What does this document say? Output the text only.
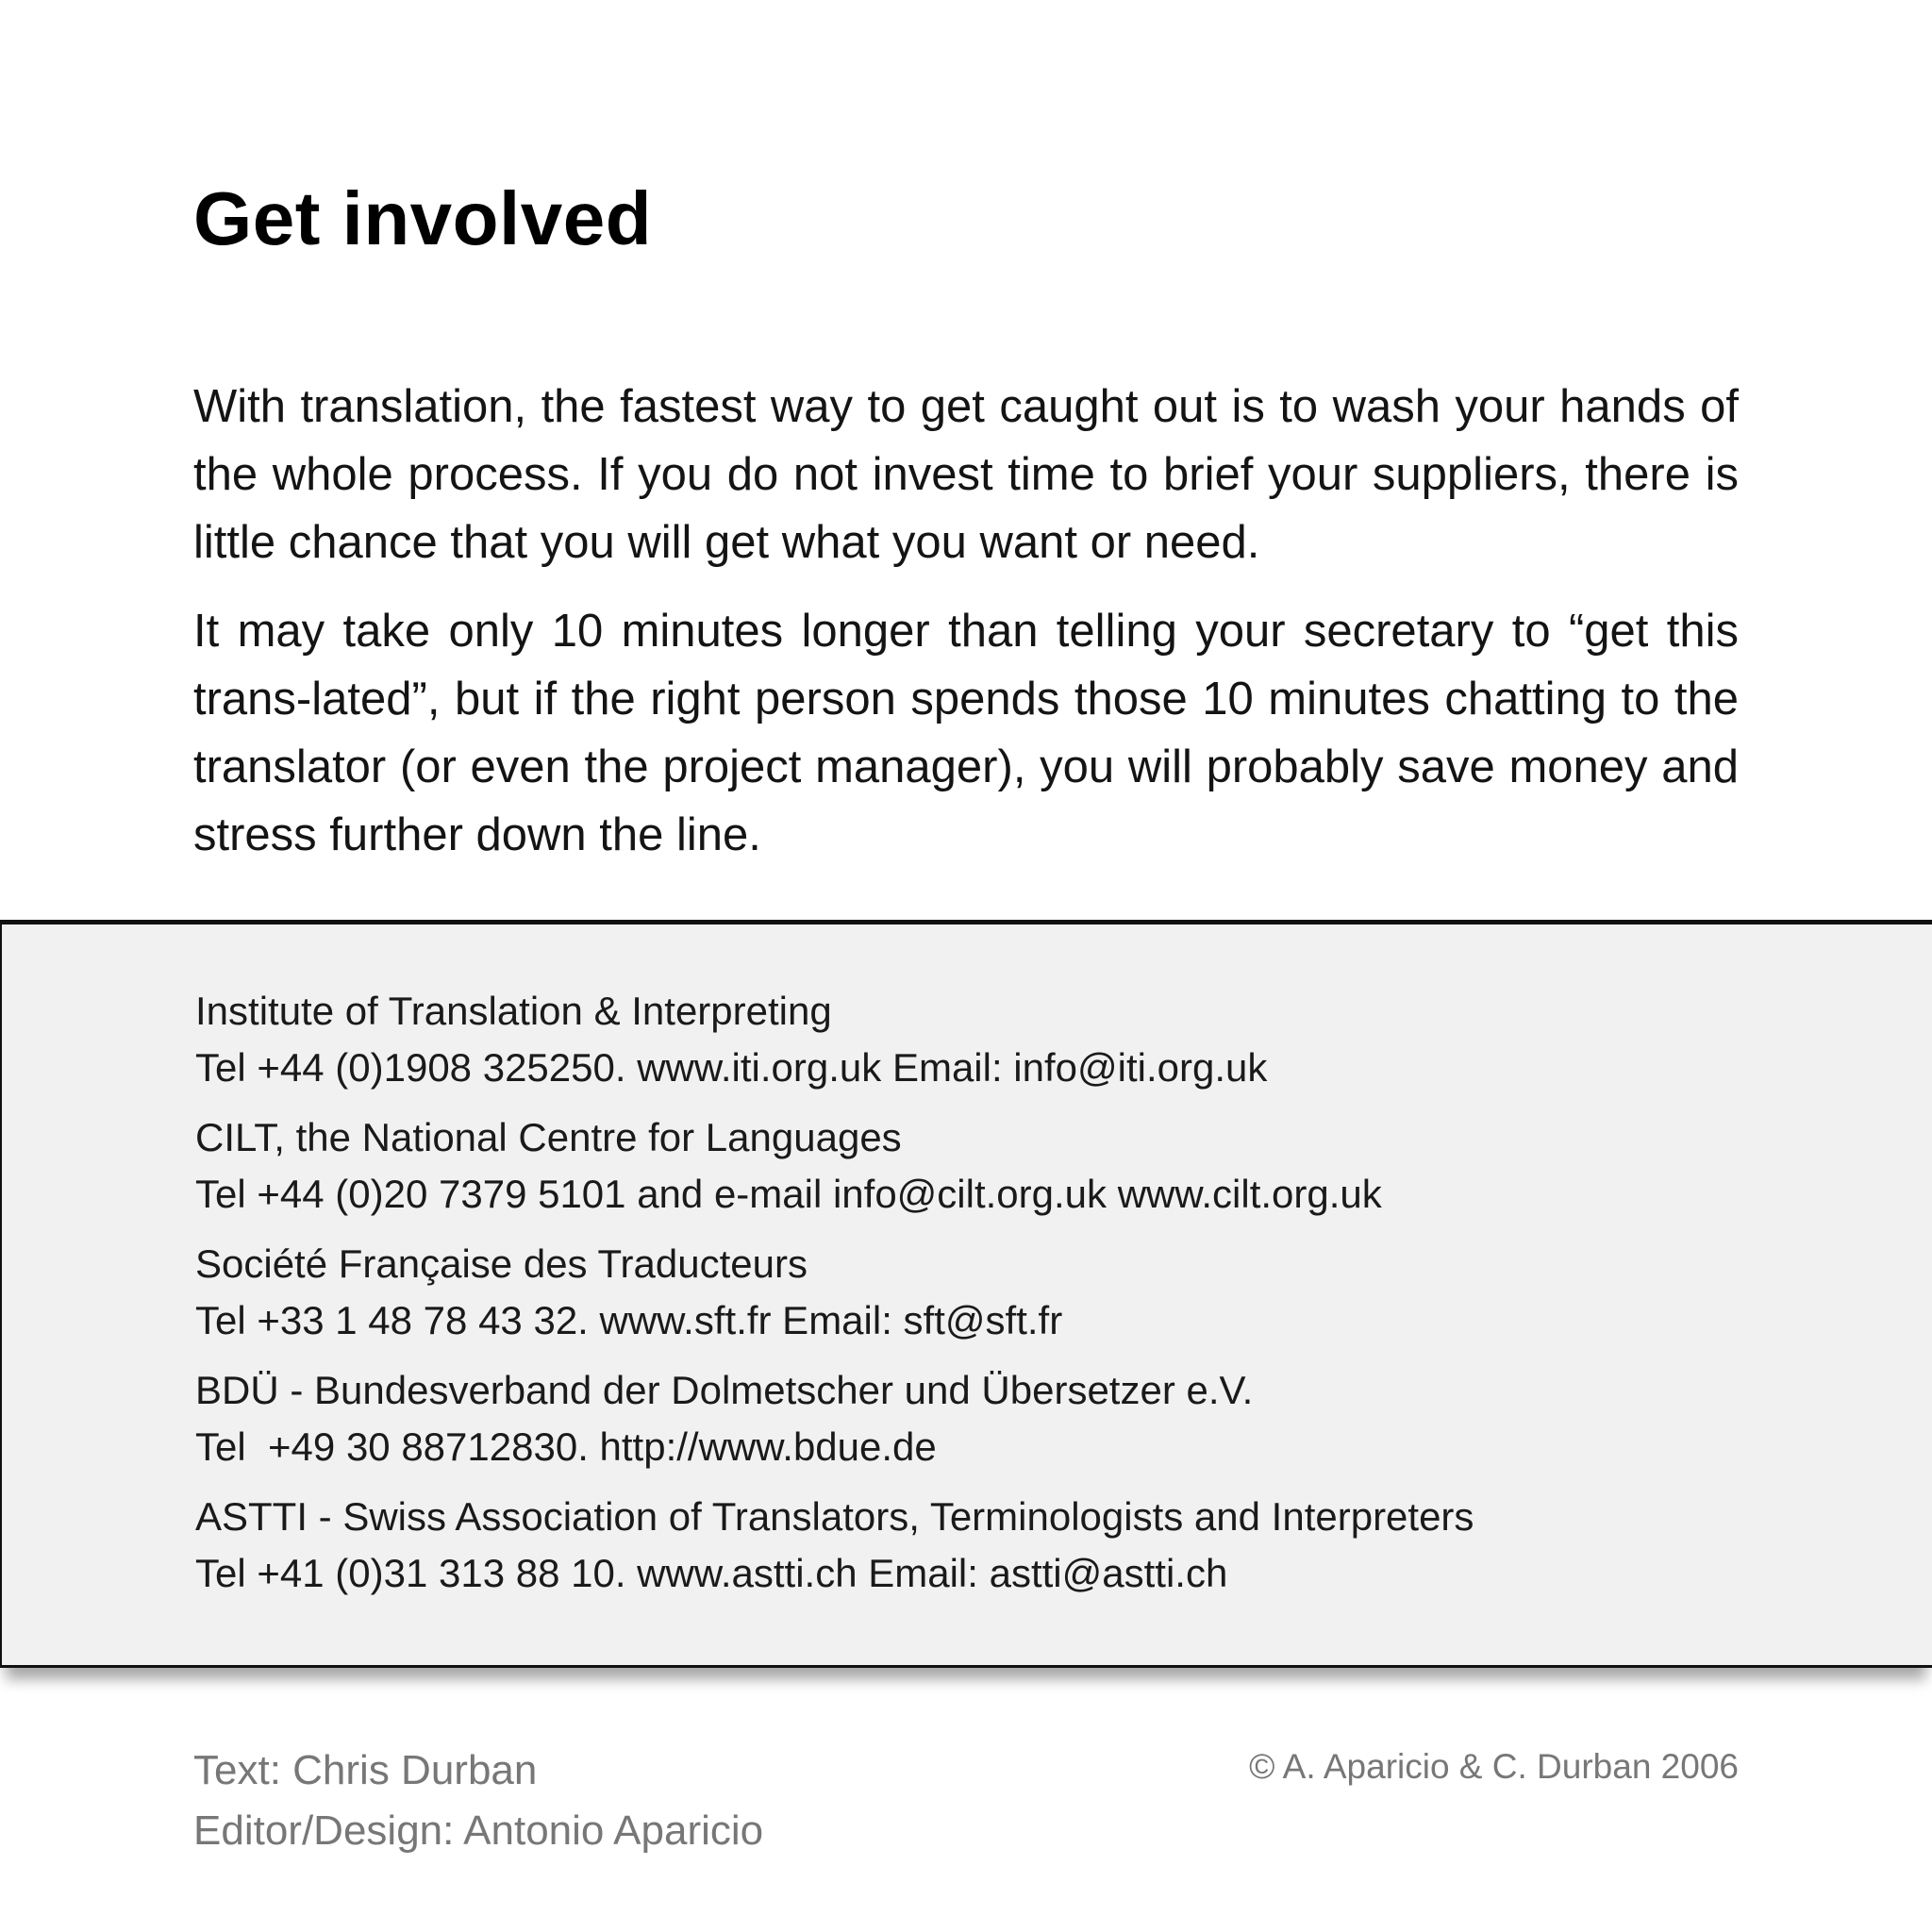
Get involved

With translation, the fastest way to get caught out is to wash your hands of the whole process. If you do not invest time to brief your suppliers, there is little chance that you will get what you want or need.

It may take only 10 minutes longer than telling your secretary to “get this trans-lated”, but if the right person spends those 10 minutes chatting to the translator (or even the project manager), you will probably save money and stress further down the line.

Institute of Translation & Interpreting
Tel +44 (0)1908 325250. www.iti.org.uk Email: info@iti.org.uk
CILT, the National Centre for Languages
Tel +44 (0)20 7379 5101 and e-mail info@cilt.org.uk www.cilt.org.uk
Société Française des Traducteurs
Tel +33 1 48 78 43 32. www.sft.fr Email: sft@sft.fr
BDÜ - Bundesverband der Dolmetscher und Übersetzer e.V.
Tel  +49 30 88712830. http://www.bdue.de
ASTTI - Swiss Association of Translators, Terminologists and Interpreters
Tel +41 (0)31 313 88 10. www.astti.ch Email: astti@astti.ch
Text: Chris Durban
Editor/Design: Antonio Aparicio
© A. Aparicio & C. Durban 2006
